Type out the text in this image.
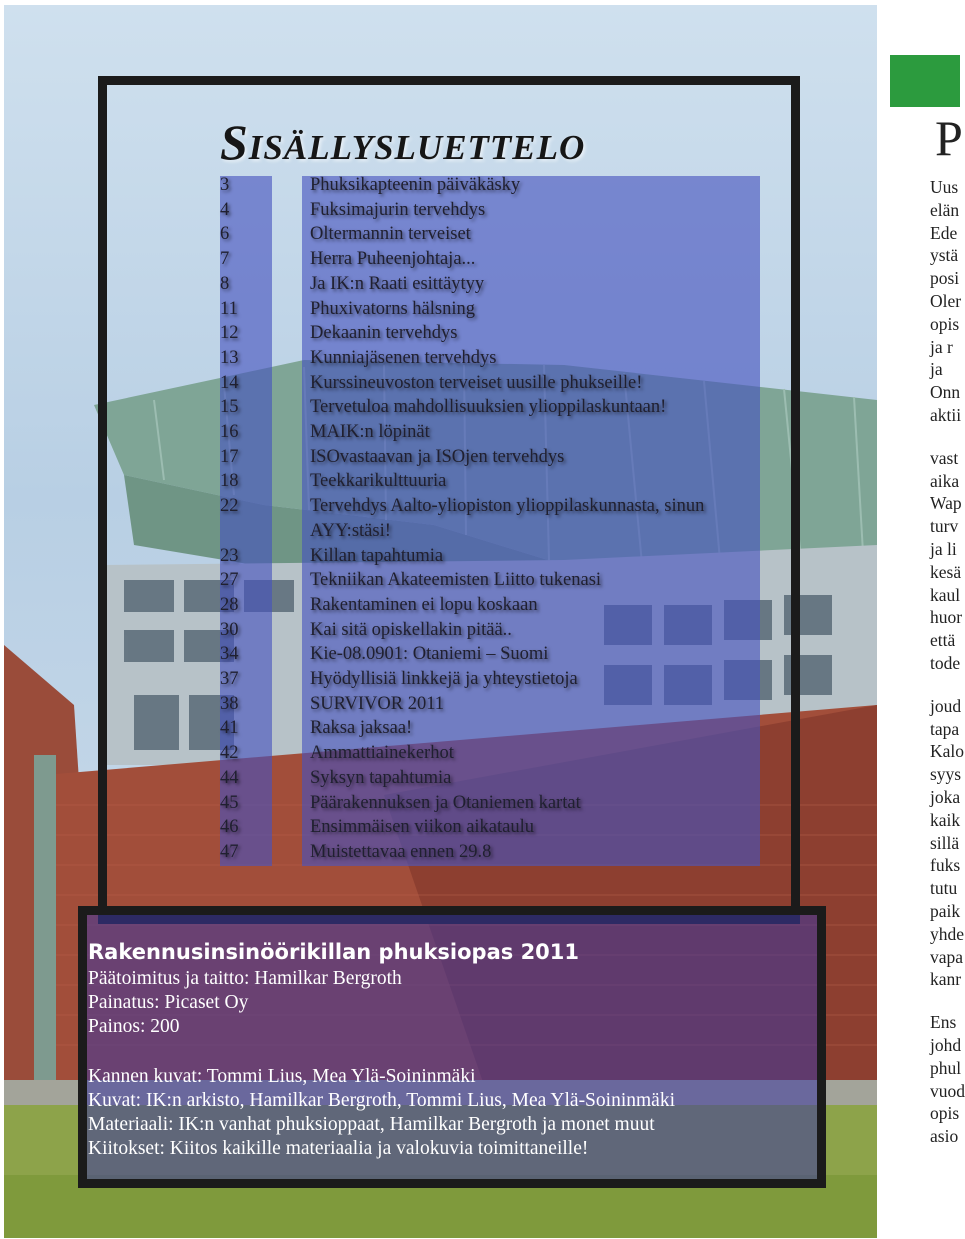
Sisällysluettelo
3	Phuksikapteenin päiväkäsky
4	Fuksimajurin tervehdys
6	Oltermannin terveiset
7	Herra Puheenjohtaja...
8	Ja IK:n Raati esittäytyy
11	Phuxivatorns hälsning
12	Dekaanin tervehdys
13	Kunniajäsenen tervehdys
14	Kurssineuvoston terveiset uusille phukseille!
15	Tervetuloa mahdollisuuksien ylioppilaskuntaan!
16	MAIK:n löpinät
17	ISOvastaavan ja ISOjen tervehdys
18	Teekkarikulttuuria
22	Tervehdys Aalto-yliopiston ylioppilaskunnasta, sinun AYY:stäsi!
23	Killan tapahtumia
27	Tekniikan Akateemisten Liitto tukenasi
28	Rakentaminen ei lopu koskaan
30	Kai sitä opiskellakin pitää..
34	Kie-08.0901: Otaniemi – Suomi
37	Hyödyllisiä linkkejä ja yhteystietoja
38	SURVIVOR 2011
41	Raksa jaksaa!
42	Ammattiainekerhot
44	Syksyn tapahtumia
45	Päärakennuksen ja Otaniemen kartat
46	Ensimmäisen viikon aikataulu
47	Muistettavaa ennen 29.8
Rakennusinsinöörikillan phuksiopas 2011

Päätoimitus ja taitto: Hamilkar Bergroth

Painatus: Picaset Oy

Painos: 200

Kannen kuvat: Tommi Lius, Mea Ylä-Soininmäki

Kuvat: IK:n arkisto, Hamilkar Bergroth, Tommi Lius, Mea Ylä-Soininmäki

Materiaali: IK:n vanhat phuksioppaat, Hamilkar Bergroth ja monet muut

Kiitokset: Kiitos kaikille materiaalia ja valokuvia toimittaneille!

P

Uus

elän

Ede

ystä

posi

Oler

opis

ja r

ja

Onn

aktii

vast

aika

Wap

turv

ja li

kesä

kaul

huor

että

tode

joud

tapa

Kalo

syys

joka

kaik

sillä

fuks

tutu

paik

yhde

vapa

kanr

Ens

johd

phul

vuod

opis

asio
